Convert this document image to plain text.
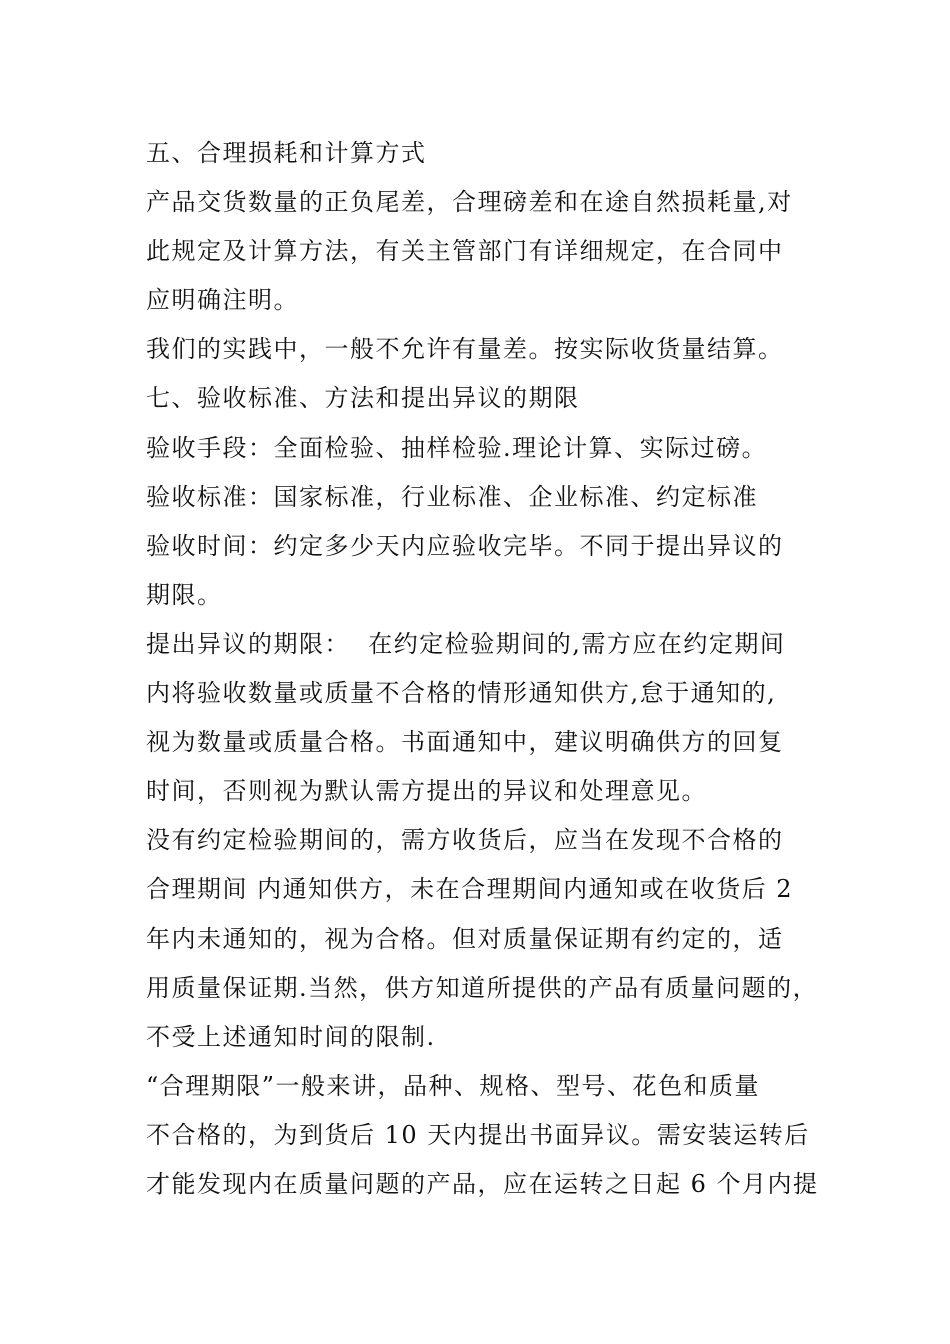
五、合理损耗和计算方式
产品交货数量的正负尾差，合理磅差和在途自然损耗量,对
此规定及计算方法，有关主管部门有详细规定，在合同中
应明确注明。
我们的实践中，一般不允许有量差。按实际收货量结算。
七、验收标准、方法和提出异议的期限
验收手段：全面检验、抽样检验.理论计算、实际过磅。
验收标准：国家标准，行业标准、企业标准、约定标准
验收时间：约定多少天内应验收完毕。不同于提出异议的
期限。
提出异议的期限：  在约定检验期间的,需方应在约定期间
内将验收数量或质量不合格的情形通知供方,怠于通知的,
视为数量或质量合格。书面通知中，建议明确供方的回复
时间，否则视为默认需方提出的异议和处理意见。
没有约定检验期间的，需方收货后，应当在发现不合格的
合理期间 内通知供方，未在合理期间内通知或在收货后 2
年内未通知的，视为合格。但对质量保证期有约定的，适
用质量保证期.当然，供方知道所提供的产品有质量问题的，
不受上述通知时间的限制.
“合理期限”一般来讲，品种、规格、型号、花色和质量
不合格的，为到货后 10 天内提出书面异议。需安装运转后
才能发现内在质量问题的产品，应在运转之日起 6 个月内提
